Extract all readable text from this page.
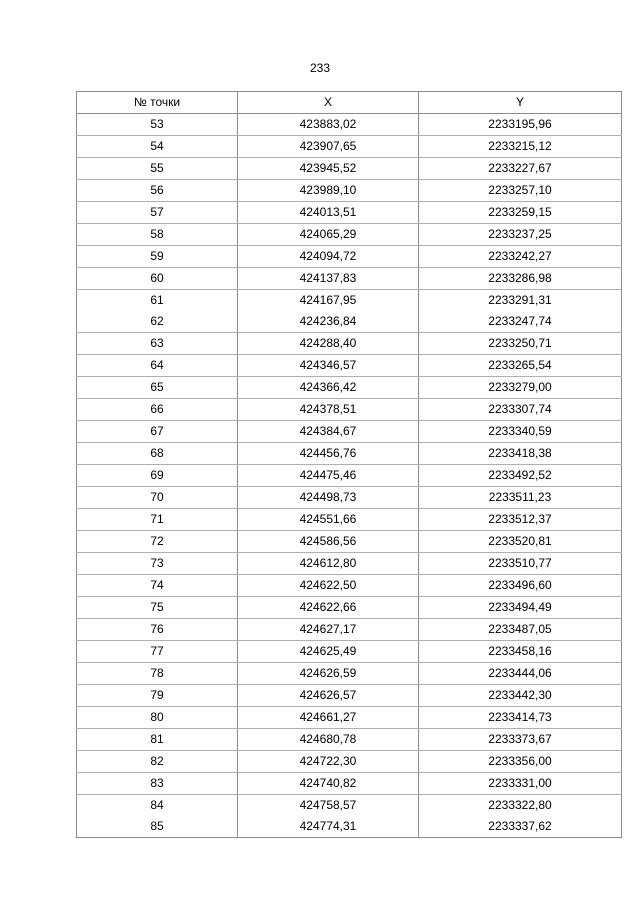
233
№ точки	X	Y
53	423883,02	2233195,96
54	423907,65	2233215,12
55	423945,52	2233227,67
56	423989,10	2233257,10
57	424013,51	2233259,15
58	424065,29	2233237,25
59	424094,72	2233242,27
60	424137,83	2233286,98
61	424167,95	2233291,31
62	424236,84	2233247,74
63	424288,40	2233250,71
64	424346,57	2233265,54
65	424366,42	2233279,00
66	424378,51	2233307,74
67	424384,67	2233340,59
68	424456,76	2233418,38
69	424475,46	2233492,52
70	424498,73	2233511,23
71	424551,66	2233512,37
72	424586,56	2233520,81
73	424612,80	2233510,77
74	424622,50	2233496,60
75	424622,66	2233494,49
76	424627,17	2233487,05
77	424625,49	2233458,16
78	424626,59	2233444,06
79	424626,57	2233442,30
80	424661,27	2233414,73
81	424680,78	2233373,67
82	424722,30	2233356,00
83	424740,82	2233331,00
84	424758,57	2233322,80
85	424774,31	2233337,62
